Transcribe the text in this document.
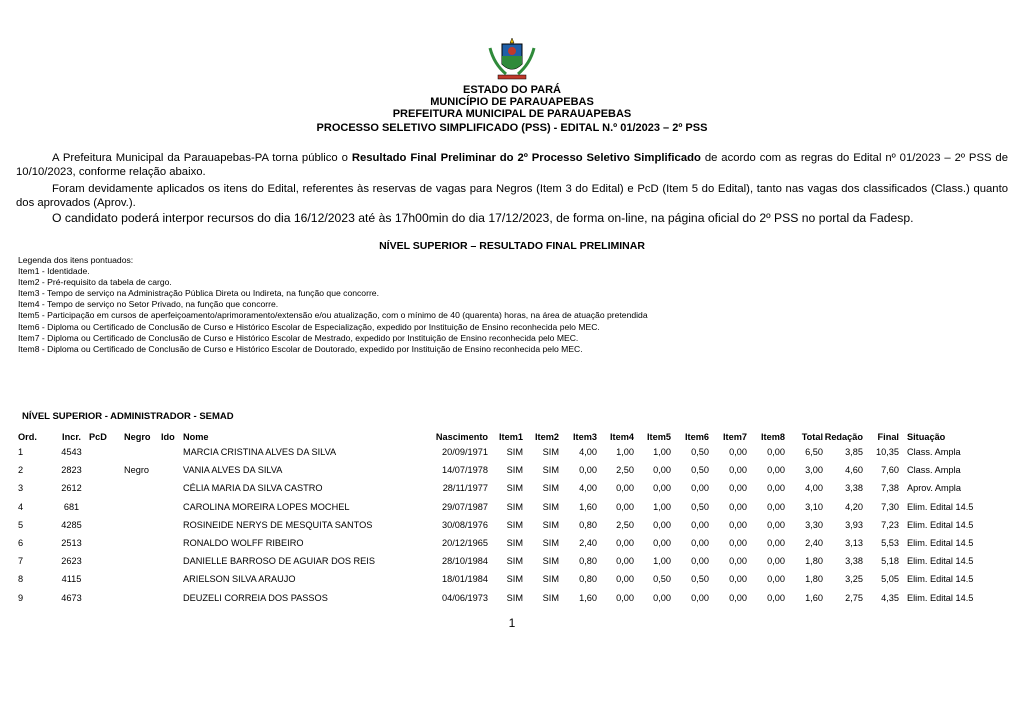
ESTADO DO PARÁ
MUNICÍPIO DE PARAUAPEBAS
PREFEITURA MUNICIPAL DE PARAUAPEBAS
PROCESSO SELETIVO SIMPLIFICADO (PSS) - EDITAL N.º 01/2023 – 2º PSS
A Prefeitura Municipal da Parauapebas-PA torna público o Resultado Final Preliminar do 2º Processo Seletivo Simplificado de acordo com as regras do Edital nº 01/2023 – 2º PSS de 10/10/2023, conforme relação abaixo.
Foram devidamente aplicados os itens do Edital, referentes às reservas de vagas para Negros (Item 3 do Edital) e PcD (Item 5 do Edital), tanto nas vagas dos classificados (Class.) quanto dos aprovados (Aprov.).
O candidato poderá interpor recursos do dia 16/12/2023 até às 17h00min do dia 17/12/2023, de forma on-line, na página oficial do 2º PSS no portal da Fadesp.
NÍVEL SUPERIOR – RESULTADO FINAL PRELIMINAR
Legenda dos itens pontuados:
Item1 - Identidade.
Item2 - Pré-requisito da tabela de cargo.
Item3 - Tempo de serviço na Administração Pública Direta ou Indireta, na função que concorre.
Item4 - Tempo de serviço no Setor Privado, na função que concorre.
Item5 - Participação em cursos de aperfeiçoamento/aprimoramento/extensão e/ou atualização, com o mínimo de 40 (quarenta) horas, na área de atuação pretendida
Item6 - Diploma ou Certificado de Conclusão de Curso e Histórico Escolar de Especialização, expedido por Instituição de Ensino reconhecida pelo MEC.
Item7 - Diploma ou Certificado de Conclusão de Curso e Histórico Escolar de Mestrado, expedido por Instituição de Ensino reconhecida pelo MEC.
Item8 - Diploma ou Certificado de Conclusão de Curso e Histórico Escolar de Doutorado, expedido por Instituição de Ensino reconhecida pelo MEC.
NÍVEL SUPERIOR - ADMINISTRADOR - SEMAD
Ord.	Incr.	PcD	Negro	Ido	Nome	Nascimento	Item1	Item2	Item3	Item4	Item5	Item6	Item7	Item8	Total	Redação	Final	Situação
1	4543				MARCIA CRISTINA ALVES DA SILVA	20/09/1971	SIM	SIM	4,00	1,00	1,00	0,50	0,00	0,00	6,50	3,85	10,35	Class. Ampla
2	2823		Negro		VANIA ALVES DA SILVA	14/07/1978	SIM	SIM	0,00	2,50	0,00	0,50	0,00	0,00	3,00	4,60	7,60	Class. Ampla
3	2612				CÉLIA MARIA DA SILVA CASTRO	28/11/1977	SIM	SIM	4,00	0,00	0,00	0,00	0,00	0,00	4,00	3,38	7,38	Aprov. Ampla
4	681				CAROLINA MOREIRA LOPES MOCHEL	29/07/1987	SIM	SIM	1,60	0,00	1,00	0,50	0,00	0,00	3,10	4,20	7,30	Elim. Edital 14.5
5	4285				ROSINEIDE NERYS DE MESQUITA SANTOS	30/08/1976	SIM	SIM	0,80	2,50	0,00	0,00	0,00	0,00	3,30	3,93	7,23	Elim. Edital 14.5
6	2513				RONALDO WOLFF RIBEIRO	20/12/1965	SIM	SIM	2,40	0,00	0,00	0,00	0,00	0,00	2,40	3,13	5,53	Elim. Edital 14.5
7	2623				DANIELLE BARROSO DE AGUIAR DOS REIS	28/10/1984	SIM	SIM	0,80	0,00	1,00	0,00	0,00	0,00	1,80	3,38	5,18	Elim. Edital 14.5
8	4115				ARIELSON SILVA ARAUJO	18/01/1984	SIM	SIM	0,80	0,00	0,50	0,50	0,00	0,00	1,80	3,25	5,05	Elim. Edital 14.5
9	4673				DEUZELI CORREIA DOS PASSOS	04/06/1973	SIM	SIM	1,60	0,00	0,00	0,00	0,00	0,00	1,60	2,75	4,35	Elim. Edital 14.5
1
